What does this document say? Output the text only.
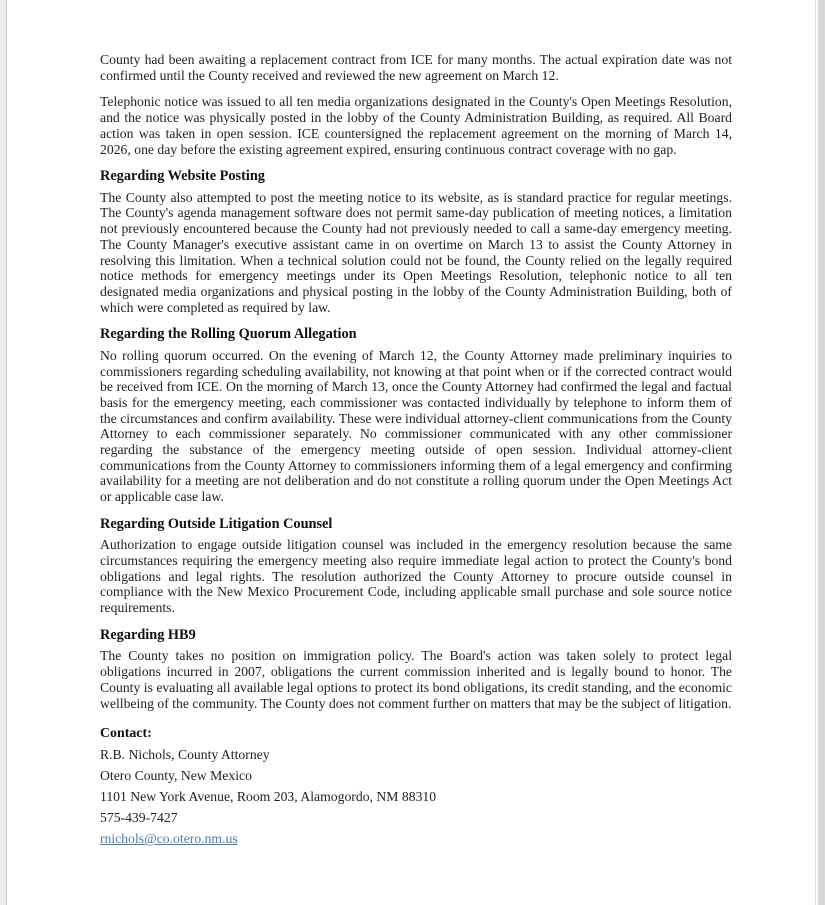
County had been awaiting a replacement contract from ICE for many months. The actual expiration date was not confirmed until the County received and reviewed the new agreement on March 12.

Telephonic notice was issued to all ten media organizations designated in the County's Open Meetings Resolution, and the notice was physically posted in the lobby of the County Administration Building, as required. All Board action was taken in open session. ICE countersigned the replacement agreement on the morning of March 14, 2026, one day before the existing agreement expired, ensuring continuous contract coverage with no gap.

Regarding Website Posting

The County also attempted to post the meeting notice to its website, as is standard practice for regular meetings. The County's agenda management software does not permit same-day publication of meeting notices, a limitation not previously encountered because the County had not previously needed to call a same-day emergency meeting. The County Manager's executive assistant came in on overtime on March 13 to assist the County Attorney in resolving this limitation. When a technical solution could not be found, the County relied on the legally required notice methods for emergency meetings under its Open Meetings Resolution, telephonic notice to all ten designated media organizations and physical posting in the lobby of the County Administration Building, both of which were completed as required by law.

Regarding the Rolling Quorum Allegation

No rolling quorum occurred. On the evening of March 12, the County Attorney made preliminary inquiries to commissioners regarding scheduling availability, not knowing at that point when or if the corrected contract would be received from ICE. On the morning of March 13, once the County Attorney had confirmed the legal and factual basis for the emergency meeting, each commissioner was contacted individually by telephone to inform them of the circumstances and confirm availability. These were individual attorney-client communications from the County Attorney to each commissioner separately. No commissioner communicated with any other commissioner regarding the substance of the emergency meeting outside of open session. Individual attorney-client communications from the County Attorney to commissioners informing them of a legal emergency and confirming availability for a meeting are not deliberation and do not constitute a rolling quorum under the Open Meetings Act or applicable case law.

Regarding Outside Litigation Counsel

Authorization to engage outside litigation counsel was included in the emergency resolution because the same circumstances requiring the emergency meeting also require immediate legal action to protect the County's bond obligations and legal rights. The resolution authorized the County Attorney to procure outside counsel in compliance with the New Mexico Procurement Code, including applicable small purchase and sole source notice requirements.

Regarding HB9

The County takes no position on immigration policy. The Board's action was taken solely to protect legal obligations incurred in 2007, obligations the current commission inherited and is legally bound to honor. The County is evaluating all available legal options to protect its bond obligations, its credit standing, and the economic wellbeing of the community. The County does not comment further on matters that may be the subject of litigation.

Contact:
R.B. Nichols, County Attorney
Otero County, New Mexico
1101 New York Avenue, Room 203, Alamogordo, NM 88310
575-439-7427
rnichols@co.otero.nm.us
